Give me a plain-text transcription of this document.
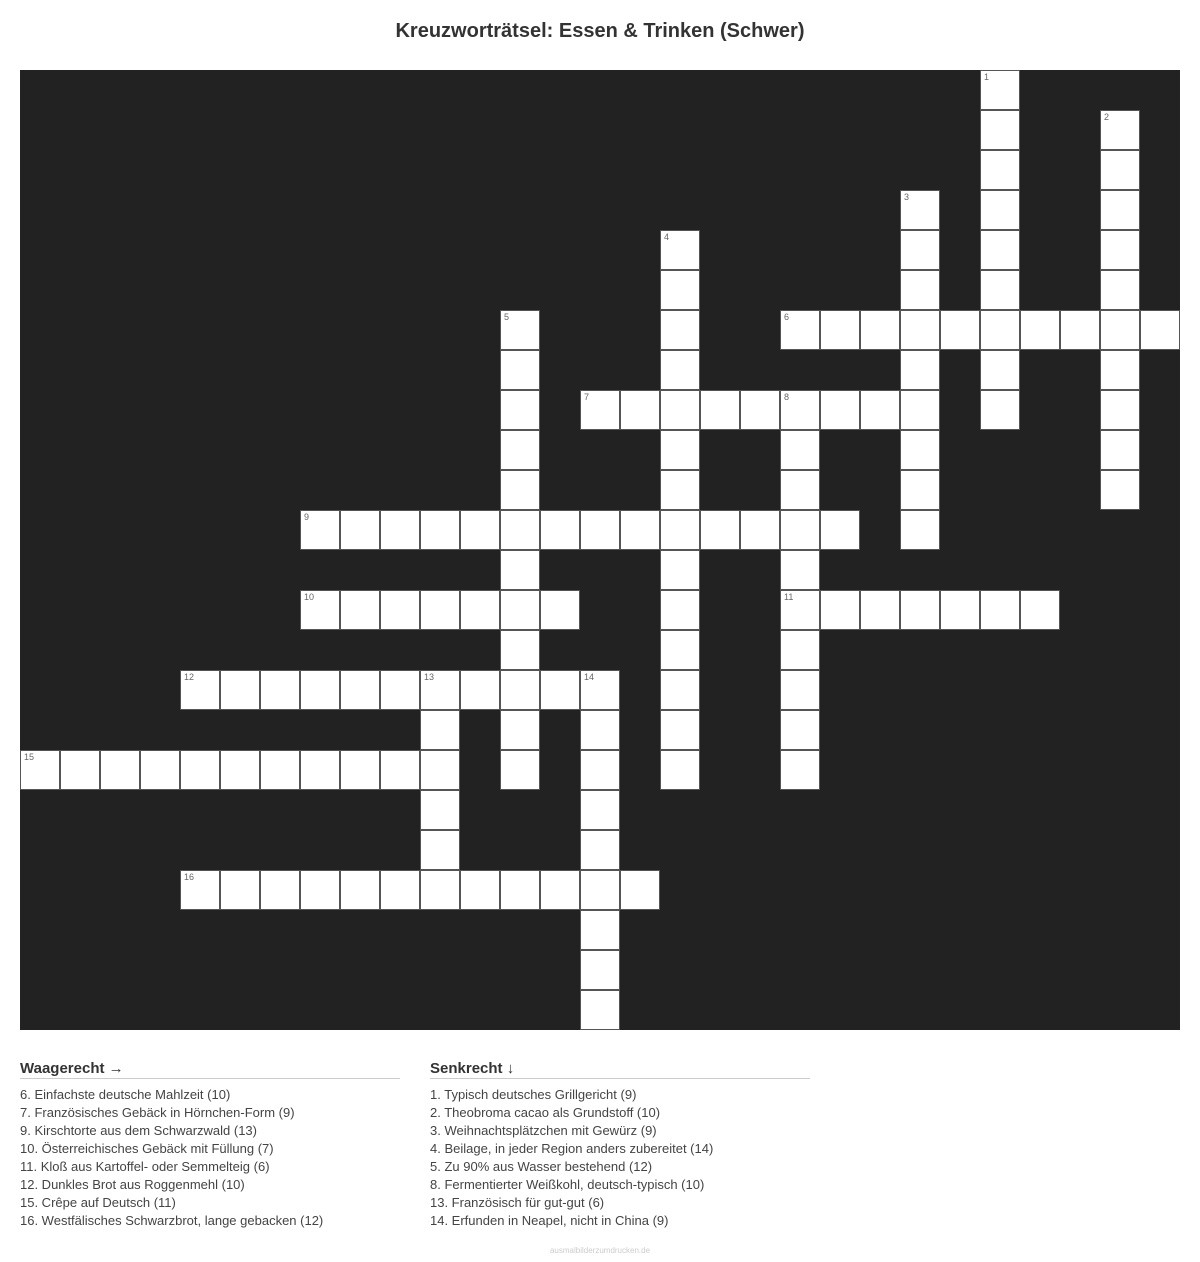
Kreuzworträtsel: Essen & Trinken (Schwer)
1
2
3
4
5	6
7	8
11
9
10
12	13	14
15
16
Waagerecht →
6. Einfachste deutsche Mahlzeit (10)
7. Französisches Gebäck in Hörnchen-Form (9)
9. Kirschtorte aus dem Schwarzwald (13)
10. Österreichisches Gebäck mit Füllung (7)
11. Kloß aus Kartoffel- oder Semmelteig (6)
12. Dunkles Brot aus Roggenmehl (10)
15. Crêpe auf Deutsch (11)
16. Westfälisches Schwarzbrot, lange gebacken (12)
Senkrecht ↓
1. Typisch deutsches Grillgericht (9)
2. Theobroma cacao als Grundstoff (10)
3. Weihnachtsplätzchen mit Gewürz (9)
4. Beilage, in jeder Region anders zubereitet (14)
5. Zu 90% aus Wasser bestehend (12)
8. Fermentierter Weißkohl, deutsch-typisch (10)
13. Französisch für gut-gut (6)
14. Erfunden in Neapel, nicht in China (9)
ausmalbilderzumdrucken.de
